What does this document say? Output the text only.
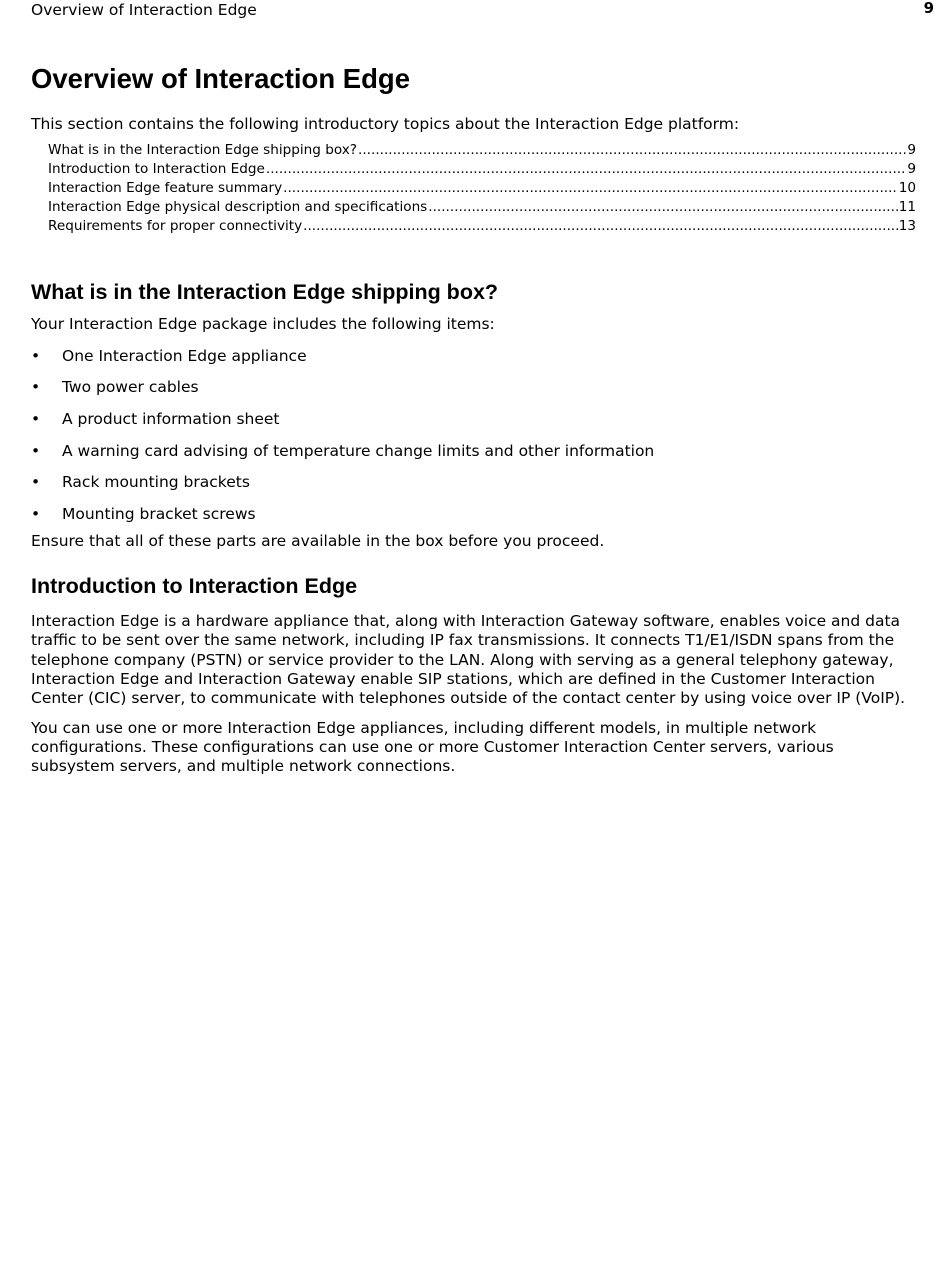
Overview of Interaction Edge	9
Overview of Interaction Edge

This section contains the following introductory topics about the Interaction Edge platform:

What is in the Interaction Edge shipping box? .....	9
Introduction to Interaction Edge .....	9
Interaction Edge feature summary .....	10
Interaction Edge physical description and specifications .....	11
Requirements for proper connectivity .....	13
What is in the Interaction Edge shipping box?

Your Interaction Edge package includes the following items:

• One Interaction Edge appliance
• Two power cables
• A product information sheet
• A warning card advising of temperature change limits and other information
• Rack mounting brackets
• Mounting bracket screws

Ensure that all of these parts are available in the box before you proceed.

Introduction to Interaction Edge

Interaction Edge is a hardware appliance that, along with Interaction Gateway software, enables voice and data traffic to be sent over the same network, including IP fax transmissions. It connects T1/E1/ISDN spans from the telephone company (PSTN) or service provider to the LAN. Along with serving as a general telephony gateway, Interaction Edge and Interaction Gateway enable SIP stations, which are defined in the Customer Interaction Center (CIC) server, to communicate with telephones outside of the contact center by using voice over IP (VoIP).

You can use one or more Interaction Edge appliances, including different models, in multiple network configurations. These configurations can use one or more Customer Interaction Center servers, various subsystem servers, and multiple network connections.
